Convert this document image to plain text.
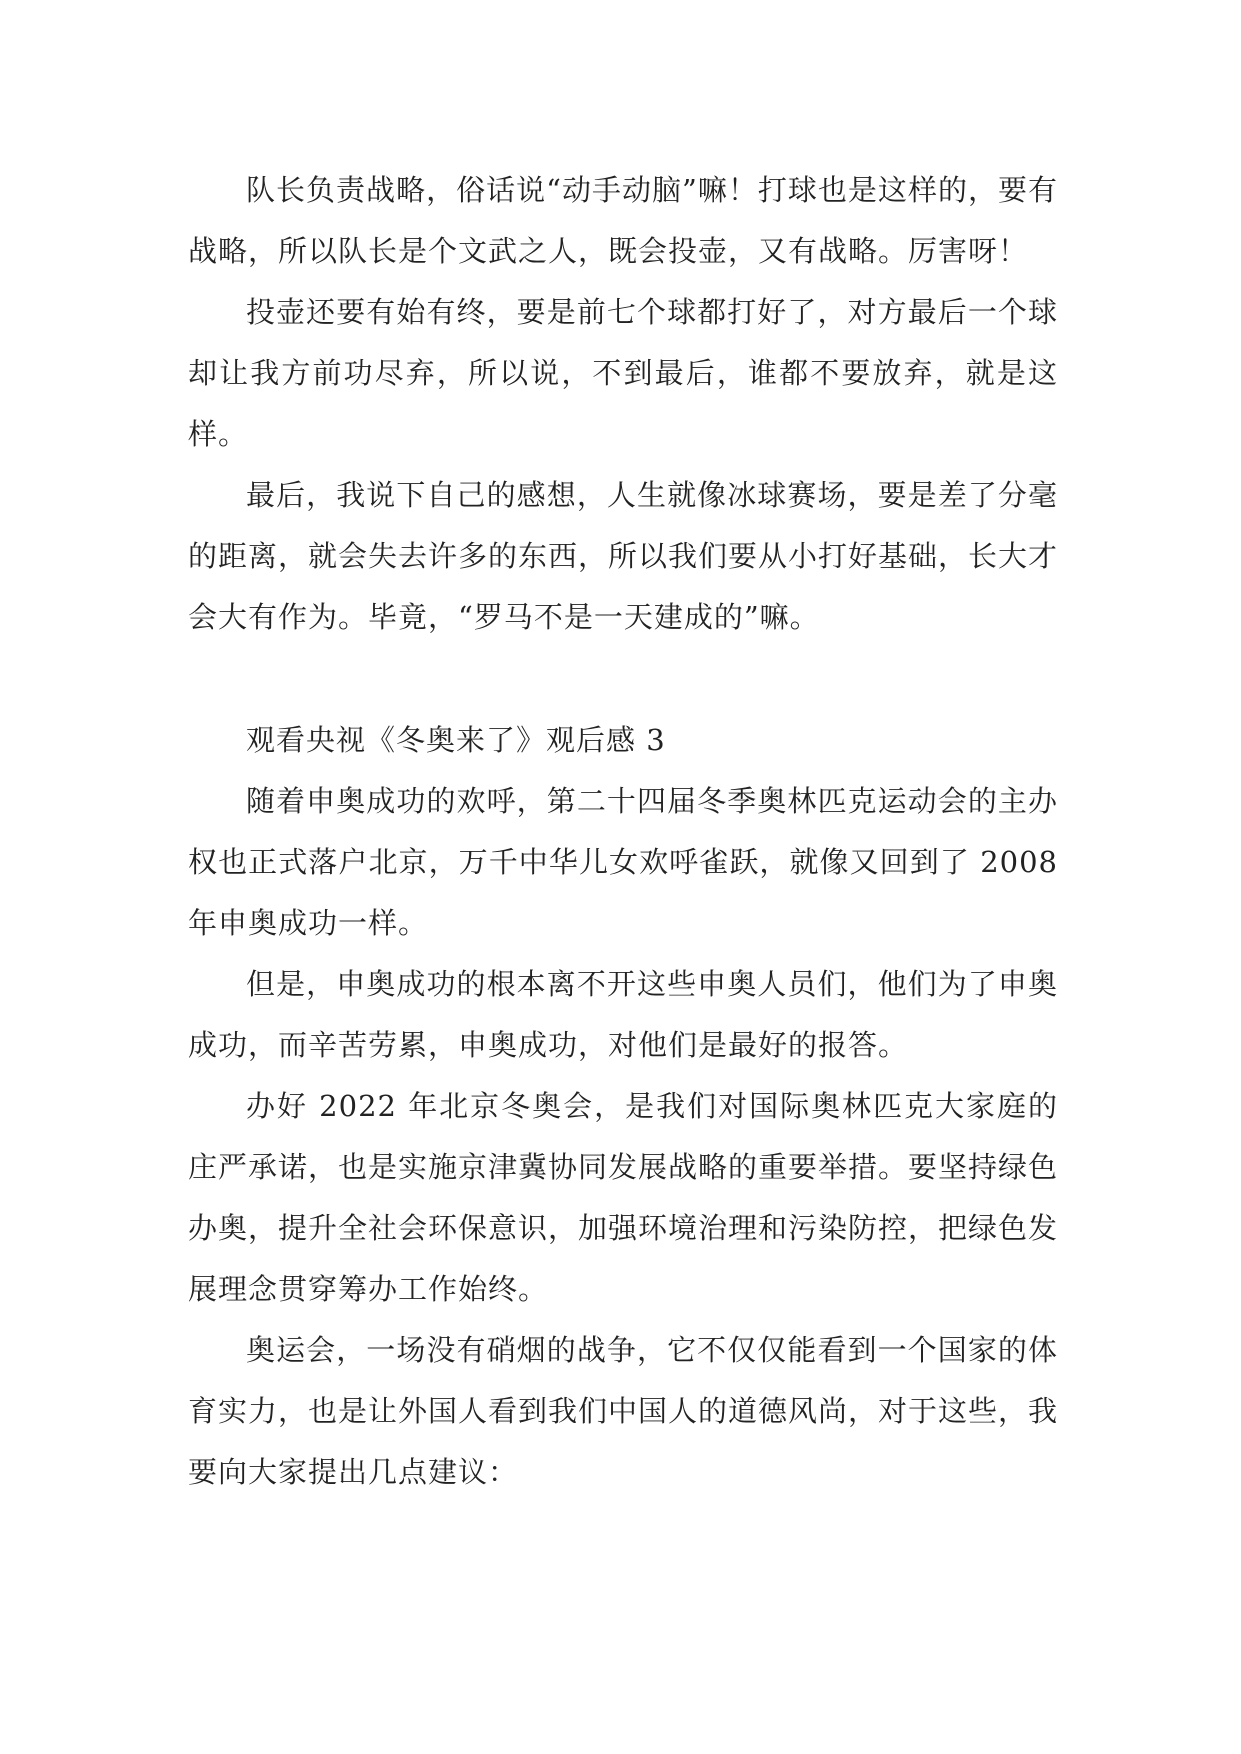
队长负责战略，俗话说“动手动脑”嘛！打球也是这样的，要有战略，所以队长是个文武之人，既会投壶，又有战略。厉害呀！

投壶还要有始有终，要是前七个球都打好了，对方最后一个球却让我方前功尽弃，所以说，不到最后，谁都不要放弃，就是这样。

最后，我说下自己的感想，人生就像冰球赛场，要是差了分毫的距离，就会失去许多的东西，所以我们要从小打好基础，长大才会大有作为。毕竟，“罗马不是一天建成的”嘛。

观看央视《冬奥来了》观后感 3

随着申奥成功的欢呼，第二十四届冬季奥林匹克运动会的主办权也正式落户北京，万千中华儿女欢呼雀跃，就像又回到了 2008 年申奥成功一样。

但是，申奥成功的根本离不开这些申奥人员们，他们为了申奥成功，而辛苦劳累，申奥成功，对他们是最好的报答。

办好 2022 年北京冬奥会，是我们对国际奥林匹克大家庭的庄严承诺，也是实施京津冀协同发展战略的重要举措。要坚持绿色办奥，提升全社会环保意识，加强环境治理和污染防控，把绿色发展理念贯穿筹办工作始终。

奥运会，一场没有硝烟的战争，它不仅仅能看到一个国家的体育实力，也是让外国人看到我们中国人的道德风尚，对于这些，我要向大家提出几点建议：
